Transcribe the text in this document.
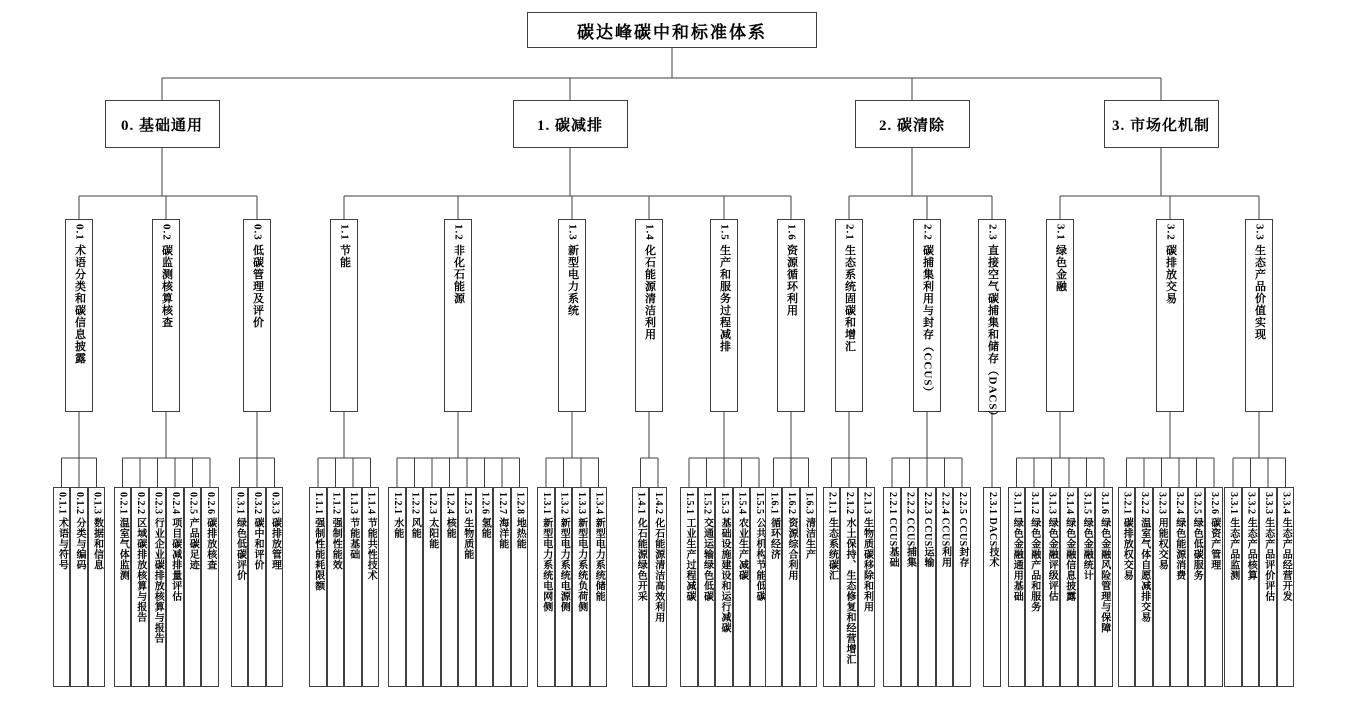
碳达峰碳中和标准体系
0. 基础通用
0.1 术语分类和碳信息披露
0.1.1 术语与符号 0.1.2 分类与编码 0.1.3 数据和信息
0.2 碳监测核算核查
0.2.1 温室气体监测 0.2.2 区域碳排放核算与报告 0.2.3 行业企业碳排放核算与报告 0.2.4 项目碳减排量评估 0.2.5 产品碳足迹 0.2.6 碳排放核查
0.3 低碳管理及评价
0.3.1 绿色低碳评价 0.3.2 碳中和评价 0.3.3 碳排放管理
1. 碳减排
1.1 节能
1.1.1 强制性能耗限额 1.1.2 强制性能效 1.1.3 节能基础 1.1.4 节能共性技术
1.2 非化石能源
1.2.1 水能 1.2.2 风能 1.2.3 太阳能 1.2.4 核能 1.2.5 生物质能 1.2.6 氢能 1.2.7 海洋能 1.2.8 地热能
1.3 新型电力系统
1.3.1 新型电力系统电网侧 1.3.2 新型电力系统电源侧 1.3.3 新型电力系统负荷侧 1.3.4 新型电力系统储能
1.4 化石能源清洁利用
1.4.1 化石能源绿色开采 1.4.2 化石能源清洁高效利用
1.5 生产和服务过程减排
1.5.1 工业生产过程减碳 1.5.2 交通运输绿色低碳 1.5.3 基础设施建设和运行减碳 1.5.4 农业生产减碳 1.5.5 公共机构节能低碳
1.6 资源循环利用
1.6.1 循环经济 1.6.2 资源综合利用 1.6.3 清洁生产
2. 碳清除
2.1 生态系统固碳和增汇
2.1.1 生态系统碳汇 2.1.2 水土保持、生态修复和经营增汇 2.1.3 生物质碳移除和利用
2.2 碳捕集利用与封存（CCUS）
2.2.1 CCUS基础 2.2.2 CCUS捕集 2.2.3 CCUS运输 2.2.4 CCUS利用 2.2.5 CCUS封存
2.3 直接空气碳捕集和储存（DACS）
2.3.1 DACS技术
3. 市场化机制
3.1 绿色金融
3.1.1 绿色金融通用基础 3.1.2 绿色金融产品和服务 3.1.3 绿色金融评级评估 3.1.4 绿色金融信息披露 3.1.5 绿色金融统计 3.1.6 绿色金融风险管理与保障
3.2 碳排放交易
3.2.1 碳排放权交易 3.2.2 温室气体自愿减排交易 3.2.3 用能权交易 3.2.4 绿色能源消费 3.2.5 绿色低碳服务 3.2.6 碳资产管理
3.3 生态产品价值实现
3.3.1 生态产品监测 3.3.2 生态产品核算 3.3.3 生态产品评价评估 3.3.4 生态产品经营开发
